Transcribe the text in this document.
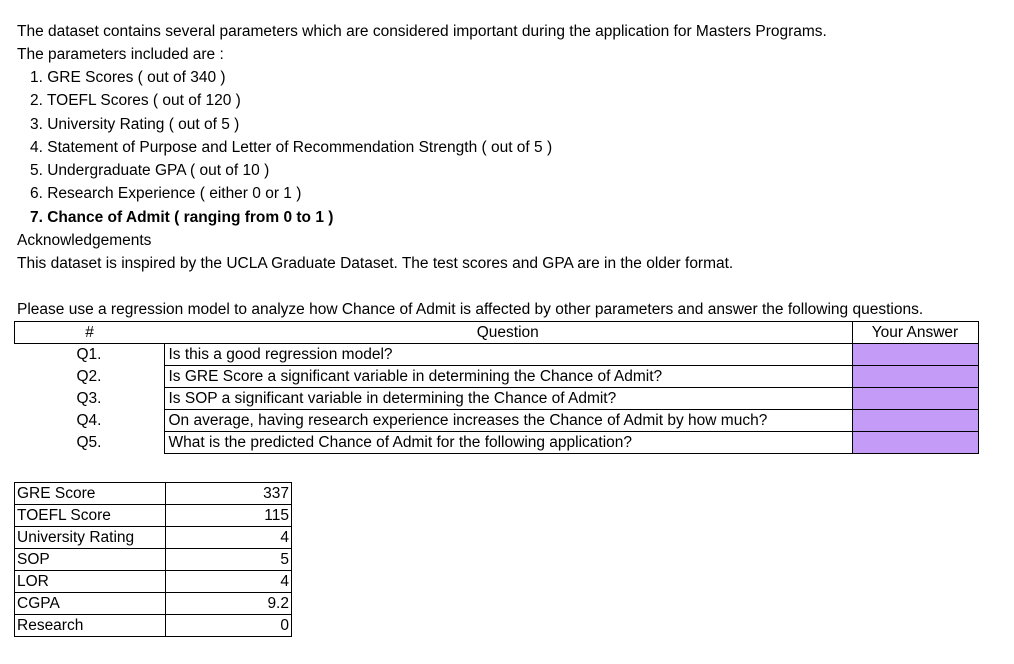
The dataset contains several parameters which are considered important during the application for Masters Programs.
The parameters included are :
1. GRE Scores ( out of 340 )
2. TOEFL Scores ( out of 120 )
3. University Rating ( out of 5 )
4. Statement of Purpose and Letter of Recommendation Strength ( out of 5 )
5. Undergraduate GPA ( out of 10 )
6. Research Experience ( either 0 or 1 )
7. Chance of Admit ( ranging from 0 to 1 )
Acknowledgements
This dataset is inspired by the UCLA Graduate Dataset. The test scores and GPA are in the older format.
Please use a regression model to analyze how Chance of Admit is affected by other parameters and answer the following questions.
#	Question	Your Answer
Q1.	Is this a good regression model?	
Q2.	Is GRE Score a significant variable in determining the Chance of Admit?	
Q3.	Is SOP a significant variable in determining the Chance of Admit?	
Q4.	On average, having research experience increases the Chance of Admit by how much?	
Q5.	What is the predicted Chance of Admit for the following application?	
GRE Score	337
TOEFL Score	115
University Rating	4
SOP	5
LOR	4
CGPA	9.2
Research	0
